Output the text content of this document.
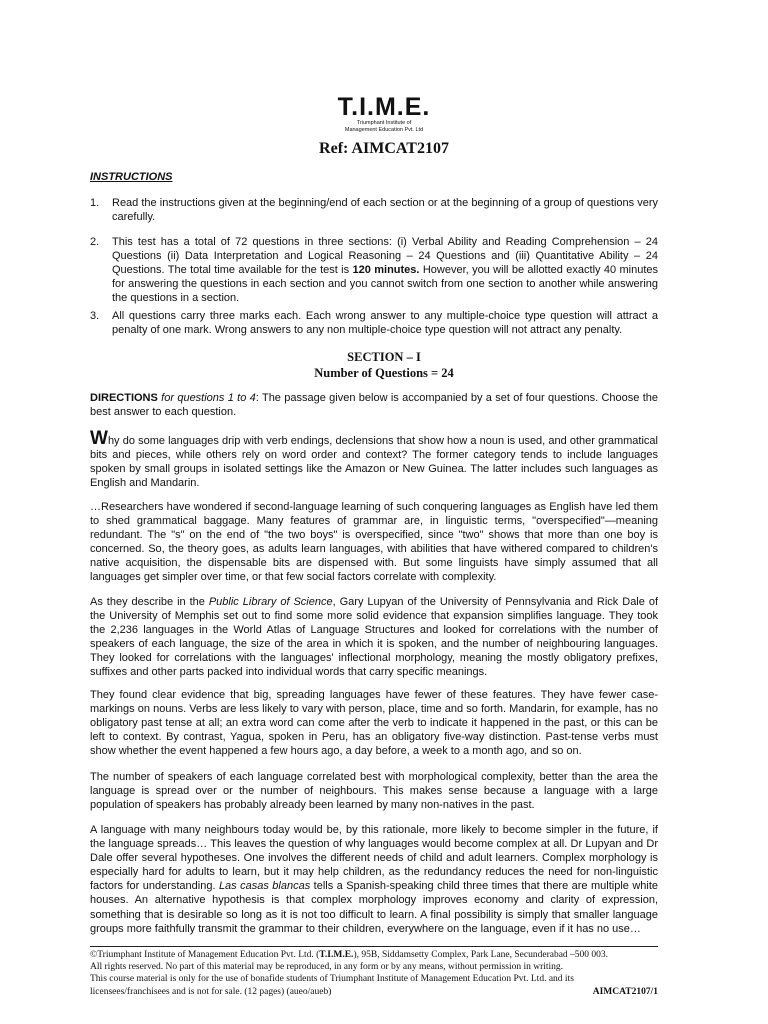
T.I.M.E.
Triumphant Institute of
Management Education Pvt. Ltd
Ref: AIMCAT2107
INSTRUCTIONS
1. Read the instructions given at the beginning/end of each section or at the beginning of a group of questions very carefully.
2. This test has a total of 72 questions in three sections: (i) Verbal Ability and Reading Comprehension – 24 Questions (ii) Data Interpretation and Logical Reasoning – 24 Questions and (iii) Quantitative Ability – 24 Questions. The total time available for the test is 120 minutes. However, you will be allotted exactly 40 minutes for answering the questions in each section and you cannot switch from one section to another while answering the questions in a section.
3. All questions carry three marks each. Each wrong answer to any multiple-choice type question will attract a penalty of one mark. Wrong answers to any non multiple-choice type question will not attract any penalty.
SECTION – I
Number of Questions = 24
DIRECTIONS for questions 1 to 4: The passage given below is accompanied by a set of four questions. Choose the best answer to each question.
Why do some languages drip with verb endings, declensions that show how a noun is used, and other grammatical bits and pieces, while others rely on word order and context? The former category tends to include languages spoken by small groups in isolated settings like the Amazon or New Guinea. The latter includes such languages as English and Mandarin.
…Researchers have wondered if second-language learning of such conquering languages as English have led them to shed grammatical baggage. Many features of grammar are, in linguistic terms, "overspecified"—meaning redundant. The "s" on the end of "the two boys" is overspecified, since "two" shows that more than one boy is concerned. So, the theory goes, as adults learn languages, with abilities that have withered compared to children's native acquisition, the dispensable bits are dispensed with. But some linguists have simply assumed that all languages get simpler over time, or that few social factors correlate with complexity.
As they describe in the Public Library of Science, Gary Lupyan of the University of Pennsylvania and Rick Dale of the University of Memphis set out to find some more solid evidence that expansion simplifies language. They took the 2,236 languages in the World Atlas of Language Structures and looked for correlations with the number of speakers of each language, the size of the area in which it is spoken, and the number of neighbouring languages. They looked for correlations with the languages' inflectional morphology, meaning the mostly obligatory prefixes, suffixes and other parts packed into individual words that carry specific meanings.
They found clear evidence that big, spreading languages have fewer of these features. They have fewer case-markings on nouns. Verbs are less likely to vary with person, place, time and so forth. Mandarin, for example, has no obligatory past tense at all; an extra word can come after the verb to indicate it happened in the past, or this can be left to context. By contrast, Yagua, spoken in Peru, has an obligatory five-way distinction. Past-tense verbs must show whether the event happened a few hours ago, a day before, a week to a month ago, and so on.
The number of speakers of each language correlated best with morphological complexity, better than the area the language is spread over or the number of neighbours. This makes sense because a language with a large population of speakers has probably already been learned by many non-natives in the past.
A language with many neighbours today would be, by this rationale, more likely to become simpler in the future, if the language spreads… This leaves the question of why languages would become complex at all. Dr Lupyan and Dr Dale offer several hypotheses. One involves the different needs of child and adult learners. Complex morphology is especially hard for adults to learn, but it may help children, as the redundancy reduces the need for non-linguistic factors for understanding. Las casas blancas tells a Spanish-speaking child three times that there are multiple white houses. An alternative hypothesis is that complex morphology improves economy and clarity of expression, something that is desirable so long as it is not too difficult to learn. A final possibility is simply that smaller language groups more faithfully transmit the grammar to their children, everywhere on the language, even if it has no use…
©Triumphant Institute of Management Education Pvt. Ltd. (T.I.M.E.), 95B, Siddamsetty Complex, Park Lane, Secunderabad –500 003.
All rights reserved. No part of this material may be reproduced, in any form or by any means, without permission in writing.
This course material is only for the use of bonafide students of Triumphant Institute of Management Education Pvt. Ltd. and its
AIMCAT2107/1
licensees/franchisees and is not for sale. (12 pages) (aueo/aueb)
